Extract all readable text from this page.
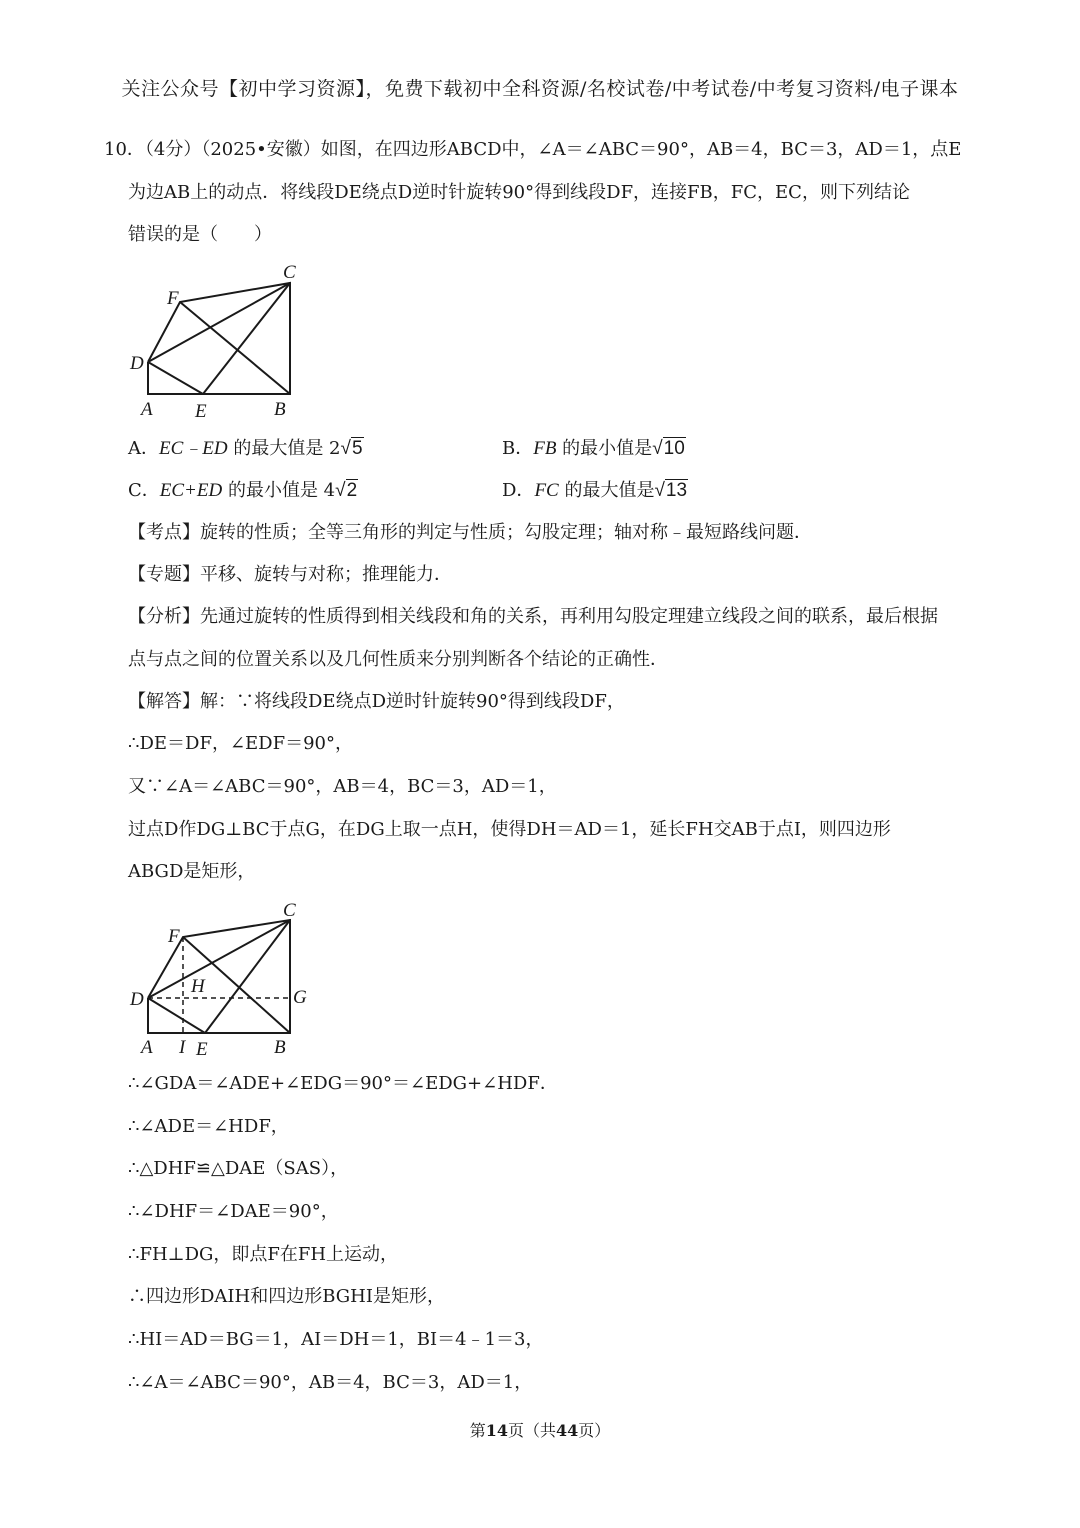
关注公众号【初中学习资源】，免费下载初中全科资源/名校试卷/中考试卷/中考复习资料/电子课本
10．（4分）（2025•安徽）如图，在四边形ABCD中，∠A＝∠ABC＝90°，AB＝4，BC＝3，AD＝1，点E
为边AB上的动点．将线段DE绕点D逆时针旋转90°得到线段DF，连接FB，FC，EC，则下列结论
错误的是（　　）
C
F
D
A E	B
A．EC﹣ED 的最大值是 2√5	B．FB 的最小值是√10
C．EC+ED 的最小值是 4√2	D．FC 的最大值是√13
【考点】旋转的性质；全等三角形的判定与性质；勾股定理；轴对称﹣最短路线问题．
【专题】平移、旋转与对称；推理能力．
【分析】先通过旋转的性质得到相关线段和角的关系，再利用勾股定理建立线段之间的联系，最后根据
点与点之间的位置关系以及几何性质来分别判断各个结论的正确性．
【解答】解：∵将线段DE绕点D逆时针旋转90°得到线段DF，
∴DE＝DF，∠EDF＝90°，
又∵∠A＝∠ABC＝90°，AB＝4，BC＝3，AD＝1，
过点D作DG⊥BC于点G，在DG上取一点H，使得DH＝AD＝1，延长FH交AB于点I，则四边形
ABGD是矩形，
C
F
H
D	G
A I E	B
∴∠GDA＝∠ADE+∠EDG＝90°＝∠EDG+∠HDF．
∴∠ADE＝∠HDF，
∴△DHF≌△DAE（SAS），
∴∠DHF＝∠DAE＝90°，
∴FH⊥DG，即点F在FH上运动，
∴四边形DAIH和四边形BGHI是矩形，
∴HI＝AD＝BG＝1，AI＝DH＝1，BI＝4﹣1＝3，
∴∠A＝∠ABC＝90°，AB＝4，BC＝3，AD＝1，
第14页（共44页）
